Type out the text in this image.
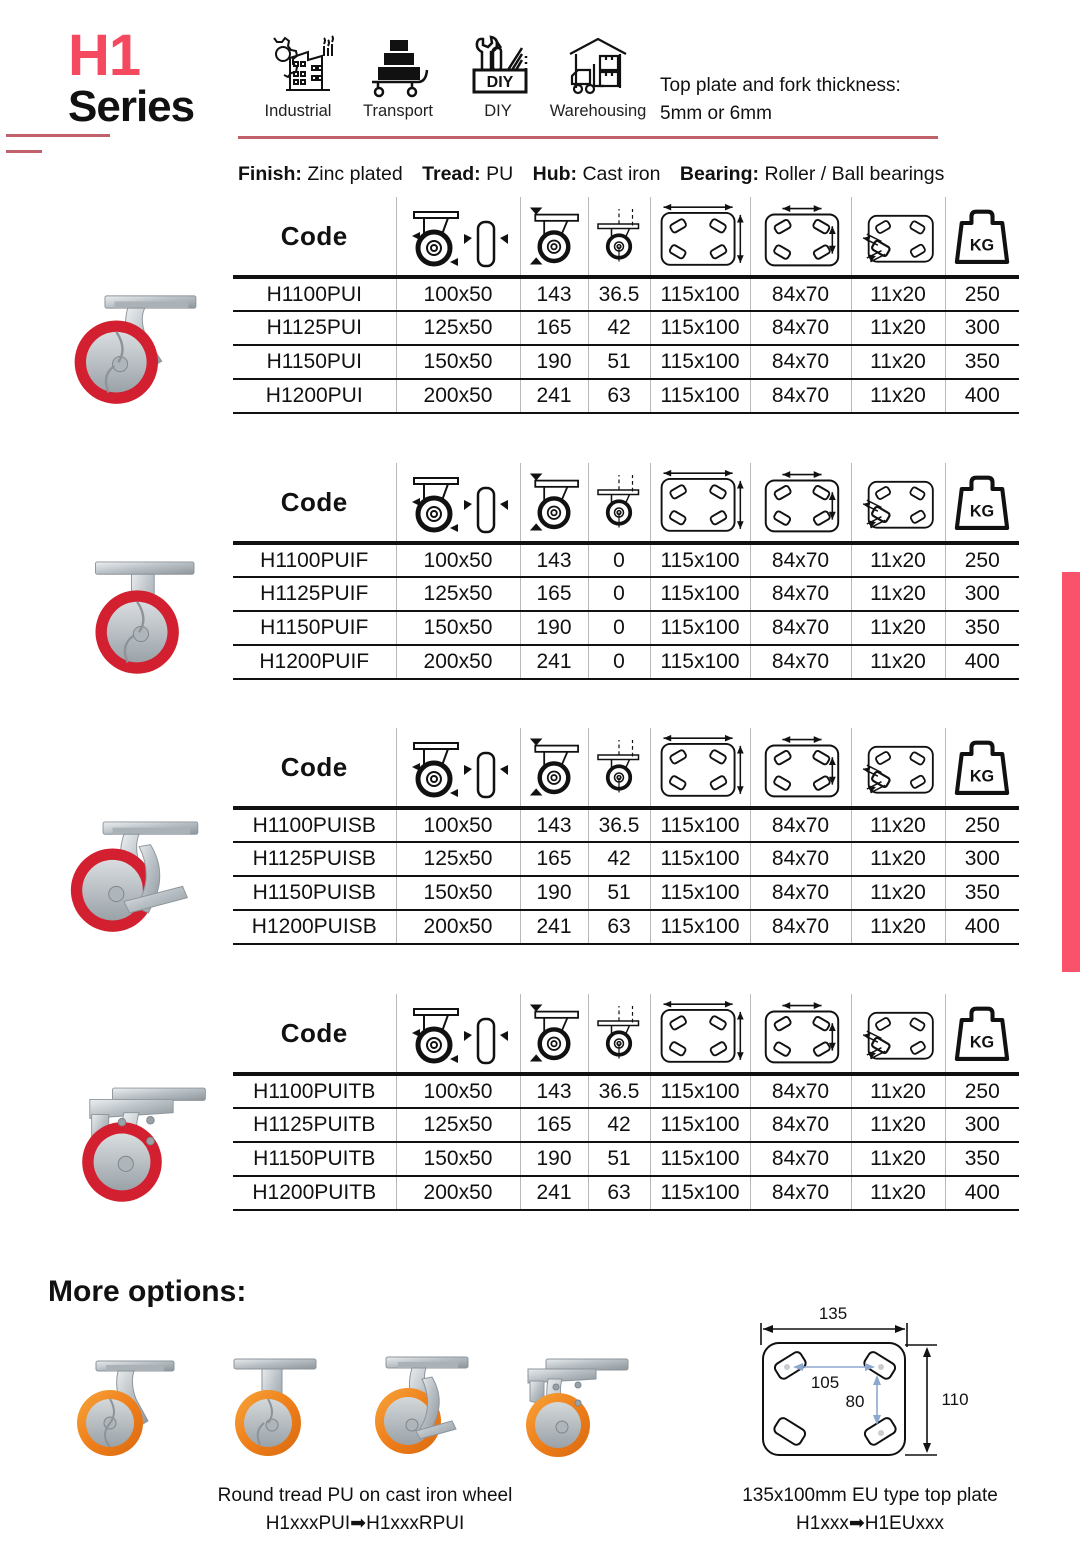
H1
Series	Industrial	Transport
DIY
DIY	Warehousing
Top plate and fork thickness:
5mm or 6mm
Finish: Zinc plated Tread: PU Hub: Cast iron Bearing: Roller / Ball bearings
Code							KG

H1100PUI	100x50	143	36.5	115x100	84x70	11x20	250
H1125PUI	125x50	165	42	115x100	84x70	11x20	300
H1150PUI	150x50	190	51	115x100	84x70	11x20	350
H1200PUI	200x50	241	63	115x100	84x70	11x20	400
Code							KG

H1100PUIF	100x50	143	0	115x100	84x70	11x20	250
H1125PUIF	125x50	165	0	115x100	84x70	11x20	300
H1150PUIF	150x50	190	0	115x100	84x70	11x20	350
H1200PUIF	200x50	241	0	115x100	84x70	11x20	400
Code							KG

H1100PUISB	100x50	143	36.5	115x100	84x70	11x20	250
H1125PUISB	125x50	165	42	115x100	84x70	11x20	300
H1150PUISB	150x50	190	51	115x100	84x70	11x20	350
H1200PUISB	200x50	241	63	115x100	84x70	11x20	400
Code							KG

H1100PUITB	100x50	143	36.5	115x100	84x70	11x20	250
H1125PUITB	125x50	165	42	115x100	84x70	11x20	300
H1150PUITB	150x50	190	51	115x100	84x70	11x20	350
H1200PUITB	200x50	241	63	115x100	84x70	11x20	400
More options:
Round tread PU on cast iron wheel
H1xxxPUI➡H1xxxRPUI
135
110
105
80
135x100mm EU type top plate
H1xxx➡H1EUxxx
